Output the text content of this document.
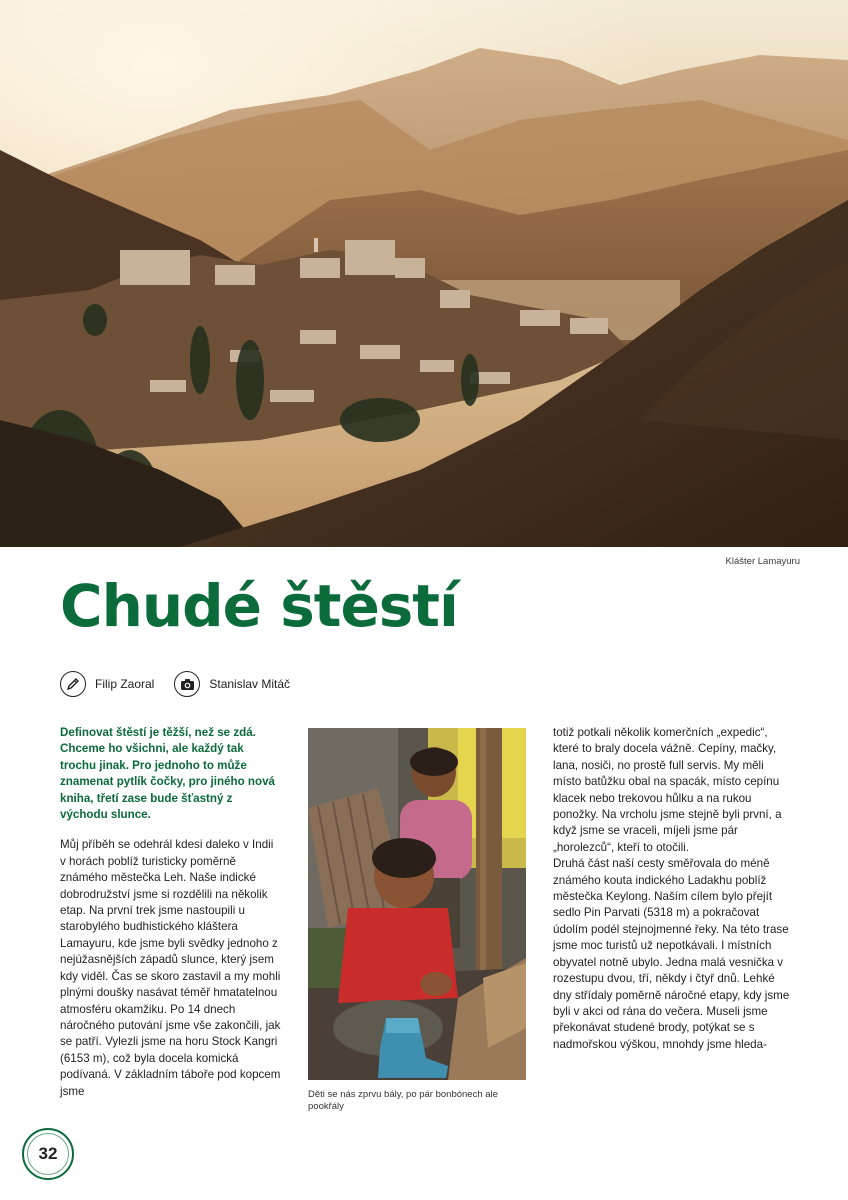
Klášter Lamayuru
Chudé štěstí
Filip Zaoral	Stanislav Mitáč

Definovat štěstí je těžší, než se zdá. Chceme ho všichni, ale každý tak trochu jinak. Pro jednoho to může znamenat pytlík čočky, pro jiného nová kniha, třetí zase bude šťastný z východu slunce.

Můj příběh se odehrál kdesi daleko v Indii v horách poblíž turisticky poměrně známého městečka Leh. Naše indické dobrodružství jsme si rozdělili na několik etap. Na první trek jsme nastoupili u starobylého budhistického kláštera Lamayuru, kde jsme byli svědky jednoho z nejúžasnějších západů slunce, který jsem kdy viděl. Čas se skoro zastavil a my mohli plnými doušky nasávat téměř hmatatelnou atmosféru okamžiku. Po 14 dnech náročného putování jsme vše zakončili, jak se patří. Vylezli jsme na horu Stock Kangri (6153 m), což byla docela komická podívaná. V základním táboře pod kopcem jsme	Děti se nás zprvu bály, po pár bonbónech ale pookřály

totiž potkali několik komerčních „expedic“, které to braly docela vážně. Cepíny, mačky, lana, nosiči, no prostě full servis. My měli místo batůžku obal na spacák, místo cepínu klacek nebo trekovou hůlku a na rukou ponožky. Na vrcholu jsme stejně byli první, a když jsme se vraceli, míjeli jsme pár „horolezců“, kteří to otočili.

Druhá část naší cesty směřovala do méně známého kouta indického Ladakhu poblíž městečka Keylong. Naším cílem bylo přejít sedlo Pin Parvati (5318 m) a pokračovat údolím podél stejnojmenné řeky. Na této trase jsme moc turistů už nepotkávali. I místních obyvatel notně ubylo. Jedna malá vesnička v rozestupu dvou, tří, někdy i čtyř dnů. Lehké dny střídaly poměrně náročné etapy, kdy jsme byli v akci od rána do večera. Museli jsme překonávat studené brody, potýkat se s nadmořskou výškou, mnohdy jsme hleda-

32
